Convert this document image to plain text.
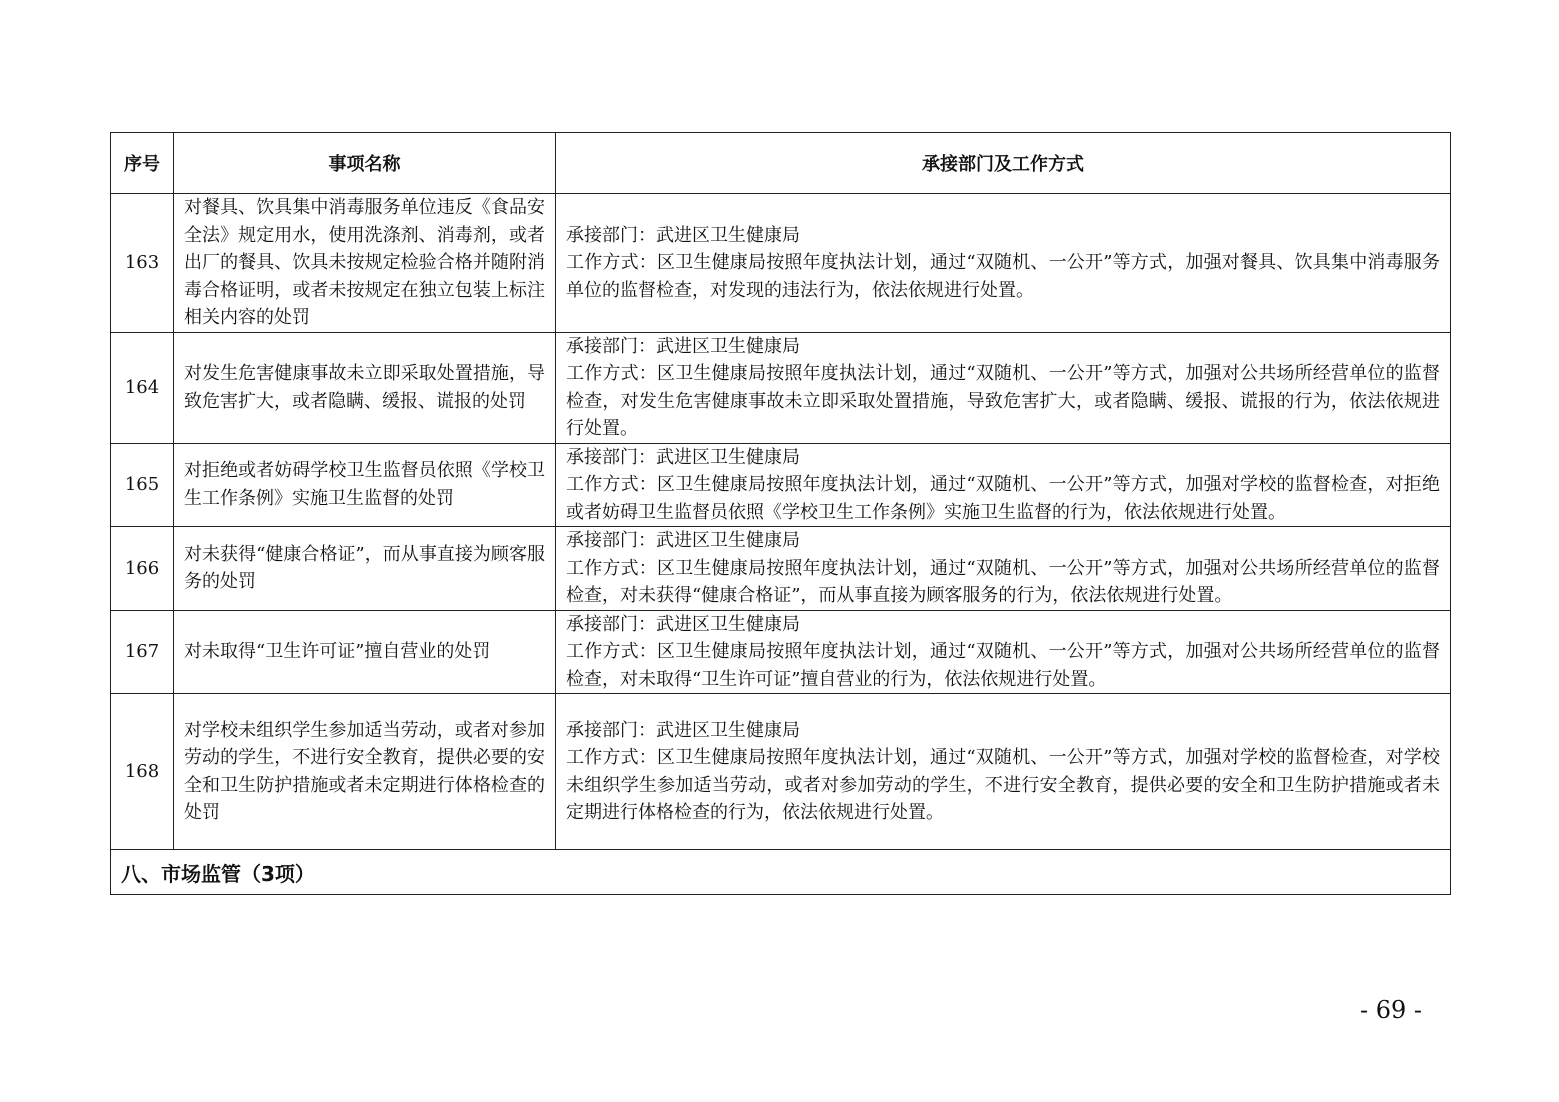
序号	事项名称	承接部门及工作方式
163	对餐具、饮具集中消毒服务单位违反《食品安全法》规定用水，使用洗涤剂、消毒剂，或者出厂的餐具、饮具未按规定检验合格并随附消毒合格证明，或者未按规定在独立包装上标注相关内容的处罚	承接部门：武进区卫生健康局
工作方式：区卫生健康局按照年度执法计划，通过“双随机、一公开”等方式，加强对餐具、饮具集中消毒服务单位的监督检查，对发现的违法行为，依法依规进行处置。

164	对发生危害健康事故未立即采取处置措施，导致危害扩大，或者隐瞒、缓报、谎报的处罚	承接部门：武进区卫生健康局
工作方式：区卫生健康局按照年度执法计划，通过“双随机、一公开”等方式，加强对公共场所经营单位的监督检查，对发生危害健康事故未立即采取处置措施，导致危害扩大，或者隐瞒、缓报、谎报的行为，依法依规进行处置。

165	对拒绝或者妨碍学校卫生监督员依照《学校卫生工作条例》实施卫生监督的处罚	承接部门：武进区卫生健康局
工作方式：区卫生健康局按照年度执法计划，通过“双随机、一公开”等方式，加强对学校的监督检查，对拒绝或者妨碍卫生监督员依照《学校卫生工作条例》实施卫生监督的行为，依法依规进行处置。

166	对未获得“健康合格证”，而从事直接为顾客服务的处罚	承接部门：武进区卫生健康局
工作方式：区卫生健康局按照年度执法计划，通过“双随机、一公开”等方式，加强对公共场所经营单位的监督检查，对未获得“健康合格证”，而从事直接为顾客服务的行为，依法依规进行处置。

167	对未取得“卫生许可证”擅自营业的处罚	承接部门：武进区卫生健康局
工作方式：区卫生健康局按照年度执法计划，通过“双随机、一公开”等方式，加强对公共场所经营单位的监督检查，对未取得“卫生许可证”擅自营业的行为，依法依规进行处置。

168	对学校未组织学生参加适当劳动，或者对参加劳动的学生，不进行安全教育，提供必要的安全和卫生防护措施或者未定期进行体格检查的处罚	承接部门：武进区卫生健康局
工作方式：区卫生健康局按照年度执法计划，通过“双随机、一公开”等方式，加强对学校的监督检查，对学校未组织学生参加适当劳动，或者对参加劳动的学生，不进行安全教育，提供必要的安全和卫生防护措施或者未定期进行体格检查的行为，依法依规进行处置。

八、市场监管（3项）		
- 69 -
